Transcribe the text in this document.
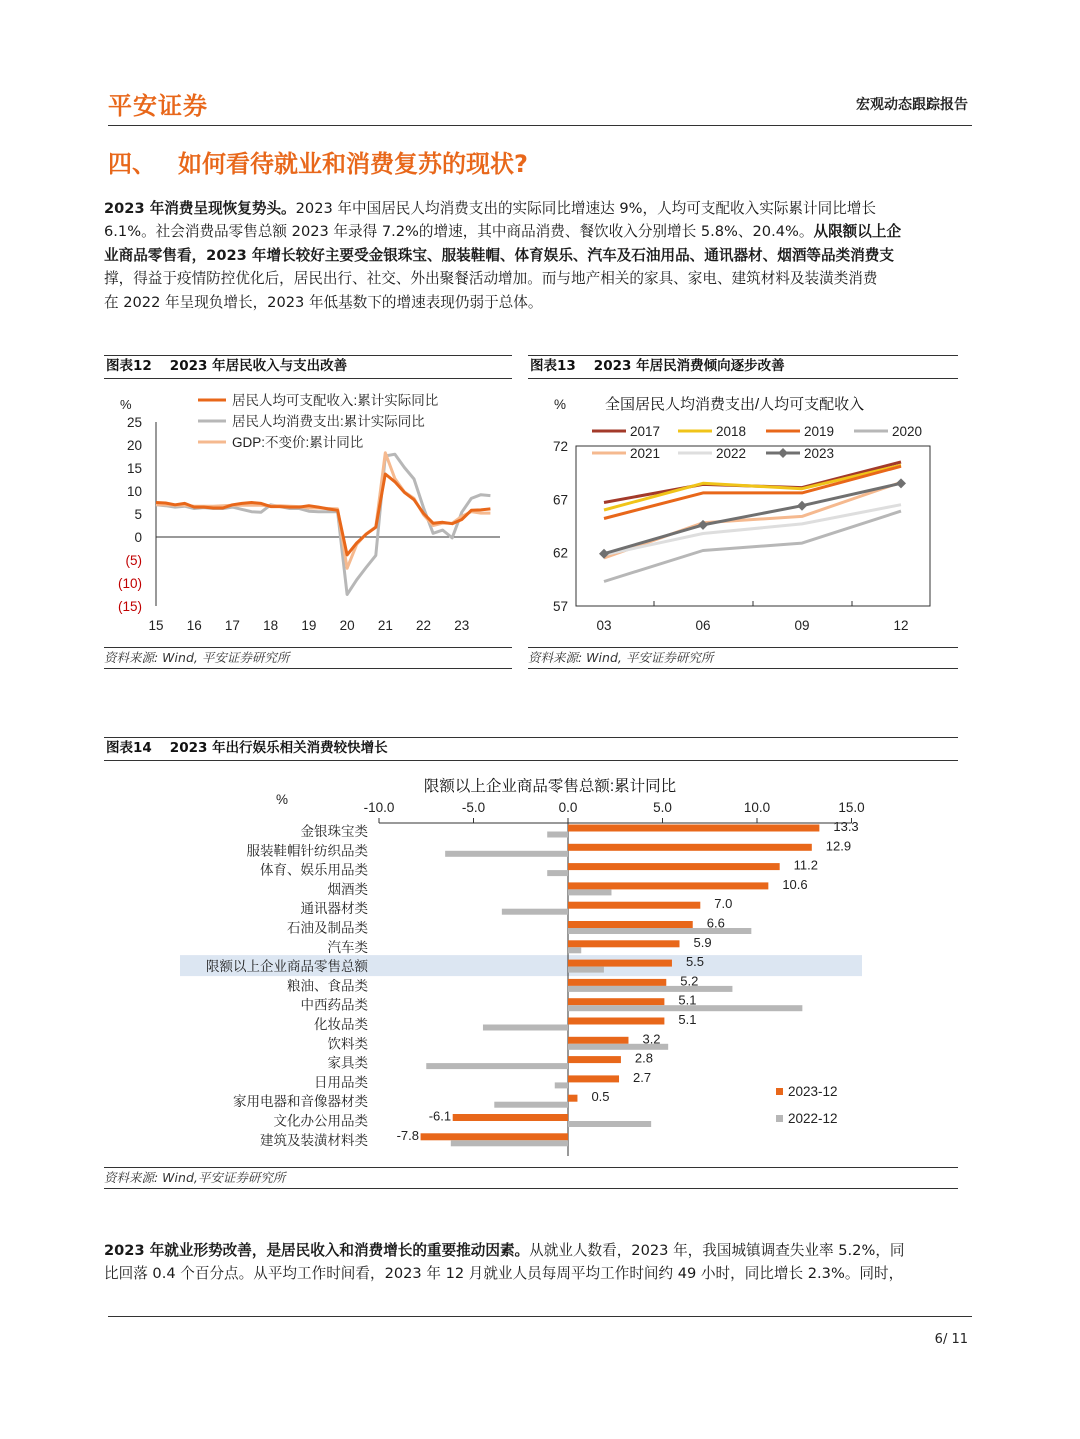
平安证券	宏观动态跟踪报告
四、 如何看待就业和消费复苏的现状?
2023 年消费呈现恢复势头。2023 年中国居民人均消费支出的实际同比增速达 9%，人均可支配收入实际累计同比增长
6.1%。社会消费品零售总额 2023 年录得 7.2%的增速，其中商品消费、餐饮收入分别增长 5.8%、20.4%。从限额以上企
业商品零售看，2023 年增长较好主要受金银珠宝、服装鞋帽、体育娱乐、汽车及石油用品、通讯器材、烟酒等品类消费支
撑，得益于疫情防控优化后，居民出行、社交、外出聚餐活动增加。而与地产相关的家具、家电、建筑材料及装潢类消费
在 2022 年呈现负增长，2023 年低基数下的增速表现仍弱于总体。
图表12 2023 年居民收入与支出改善
%
25
20
15
10
5
0
(5)
(10)
(15)
15 16 17 18 19 20 21 22 23
居民人均可支配收入:累计实际同比
居民人均消费支出:累计实际同比
GDP:不变价:累计同比
资料来源: Wind, 平安证券研究所
图表13 2023 年居民消费倾向逐步改善
%	全国居民人均消费支出/人均可支配收入
72
67
62
57
03	06	09	12
2017	2018	2019	2020
2021	2022	2023
资料来源: Wind, 平安证券研究所
图表14 2023 年出行娱乐相关消费较快增长
限额以上企业商品零售总额:累计同比
%
-10.0	-5.0	0.0	5.0	10.0	15.0
金银珠宝类	13.3
服装鞋帽针纺织品类	12.9
体育、娱乐用品类	11.2
烟酒类	10.6
通讯器材类	7.0
石油及制品类	6.6
汽车类	5.9
限额以上企业商品零售总额	5.5
粮油、食品类	5.2
中西药品类	5.1
化妆品类	5.1
饮料类	3.2
家具类	2.8
日用品类	2.7
家用电器和音像器材类	0.5
文化办公用品类	-6.1
建筑及装潢材料类 -7.8
2023-12
2022-12
资料来源: Wind,平安证券研究所
2023 年就业形势改善，是居民收入和消费增长的重要推动因素。从就业人数看，2023 年，我国城镇调查失业率 5.2%，同
比回落 0.4 个百分点。从平均工作时间看，2023 年 12 月就业人员每周平均工作时间约 49 小时，同比增长 2.3%。同时，
6/ 11
